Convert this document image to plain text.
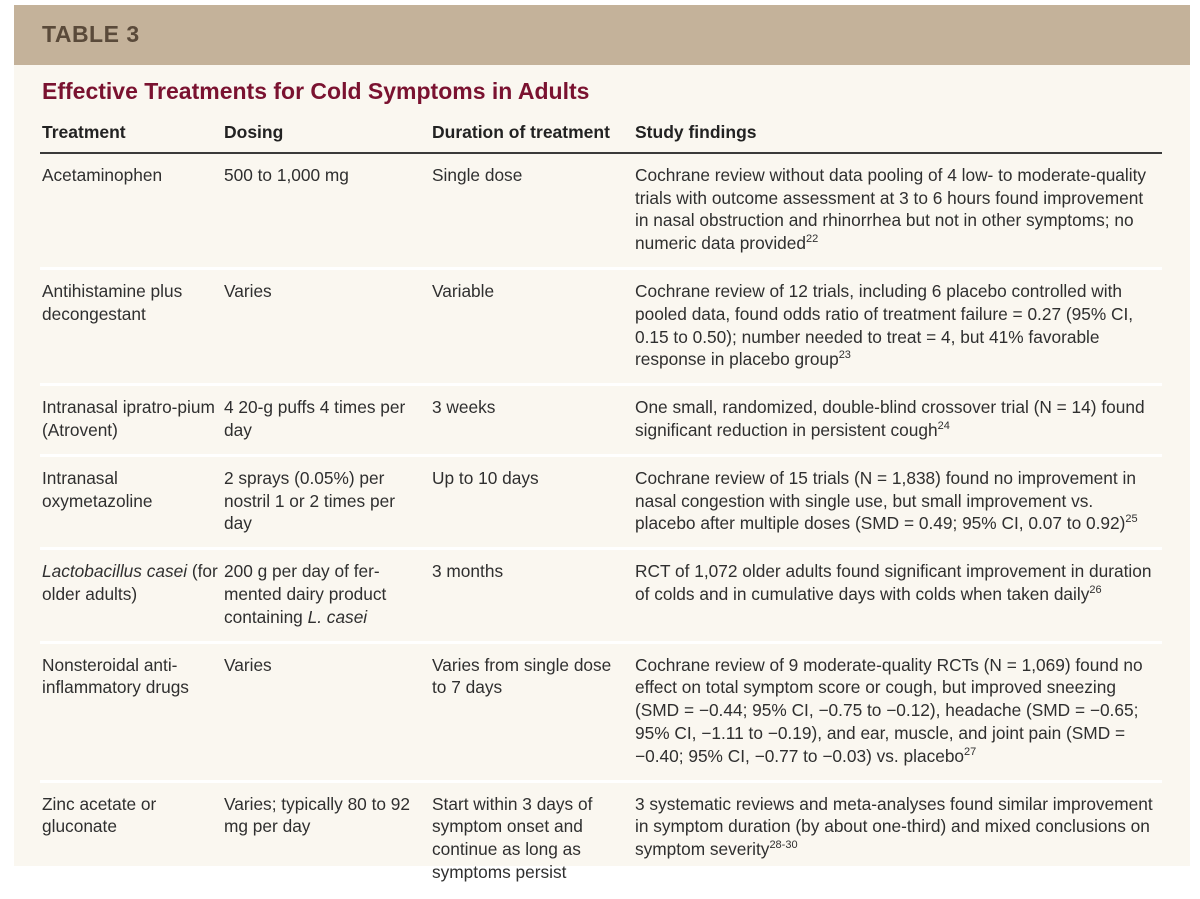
TABLE 3
Effective Treatments for Cold Symptoms in Adults
Treatment	Dosing	Duration of treatment	Study findings
Acetaminophen	500 to 1,000 mg	Single dose	Cochrane review without data pooling of 4 low- to moderate-quality trials with outcome assessment at 3 to 6 hours found improvement in nasal obstruction and rhinorrhea but not in other symptoms; no numeric data provided$^{22}$
Antihistamine plus decongestant	Varies	Variable	Cochrane review of 12 trials, including 6 placebo controlled with pooled data, found odds ratio of treatment failure = 0.27 (95% CI, 0.15 to 0.50); number needed to treat = 4, but 41% favorable response in placebo group$^{23}$
Intranasal ipratro-pium (Atrovent)	4 20-g puffs 4 times per day	3 weeks	One small, randomized, double-blind crossover trial (N = 14) found significant reduction in persistent cough$^{24}$
Intranasal oxymetazoline	2 sprays (0.05%) per nostril 1 or 2 times per day	Up to 10 days	Cochrane review of 15 trials (N = 1,838) found no improvement in nasal congestion with single use, but small improvement vs. placebo after multiple doses (SMD = 0.49; 95% CI, 0.07 to 0.92)$^{25}$
Lactobacillus casei (for older adults)	200 g per day of fer-mented dairy product containing L. casei	3 months	RCT of 1,072 older adults found significant improvement in duration of colds and in cumulative days with colds when taken daily$^{26}$
Nonsteroidal anti-inflammatory drugs	Varies	Varies from single dose to 7 days	Cochrane review of 9 moderate-quality RCTs (N = 1,069) found no effect on total symptom score or cough, but improved sneezing (SMD = −0.44; 95% CI, −0.75 to −0.12), headache (SMD = −0.65; 95% CI, −1.11 to −0.19), and ear, muscle, and joint pain (SMD = −0.40; 95% CI, −0.77 to −0.03) vs. placebo$^{27}$
Zinc acetate or gluconate	Varies; typically 80 to 92 mg per day	Start within 3 days of symptom onset and continue as long as symptoms persist	3 systematic reviews and meta-analyses found similar improvement in symptom duration (by about one-third) and mixed conclusions on symptom severity$^{28-30}$
